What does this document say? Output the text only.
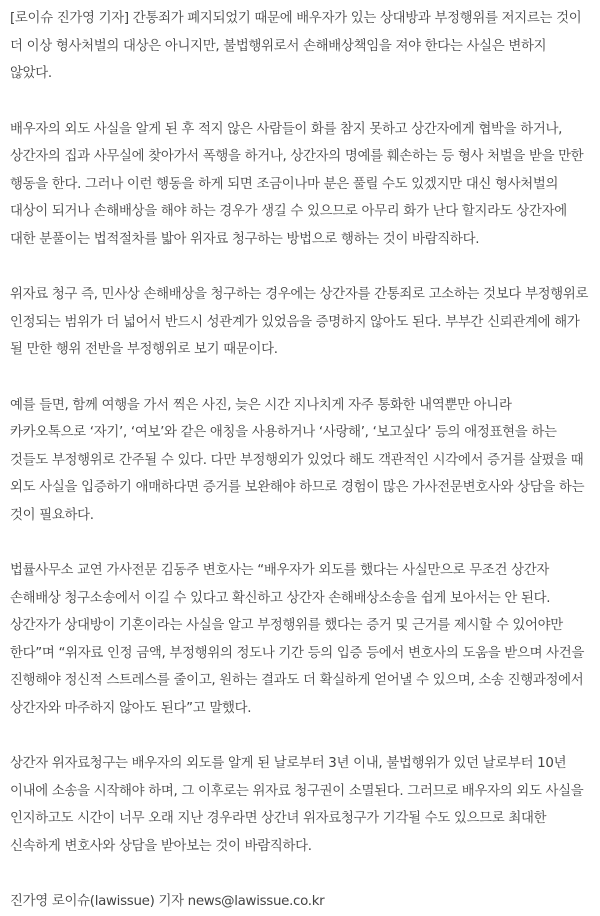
[로이슈 진가영 기자] 간통죄가 폐지되었기 때문에 배우자가 있는 상대방과 부정행위를 저지르는 것이 더 이상 형사처벌의 대상은 아니지만, 불법행위로서 손해배상책임을 져야 한다는 사실은 변하지 않았다.

배우자의 외도 사실을 알게 된 후 적지 않은 사람들이 화를 참지 못하고 상간자에게 협박을 하거나, 상간자의 집과 사무실에 찾아가서 폭행을 하거나, 상간자의 명예를 훼손하는 등 형사 처벌을 받을 만한 행동을 한다. 그러나 이런 행동을 하게 되면 조금이나마 분은 풀릴 수도 있겠지만 대신 형사처벌의 대상이 되거나 손해배상을 해야 하는 경우가 생길 수 있으므로 아무리 화가 난다 할지라도 상간자에 대한 분풀이는 법적절차를 밟아 위자료 청구하는 방법으로 행하는 것이 바람직하다.

위자료 청구 즉, 민사상 손해배상을 청구하는 경우에는 상간자를 간통죄로 고소하는 것보다 부정행위로 인정되는 범위가 더 넓어서 반드시 성관계가 있었음을 증명하지 않아도 된다. 부부간 신뢰관계에 해가 될 만한 행위 전반을 부정행위로 보기 때문이다.

예를 들면, 함께 여행을 가서 찍은 사진, 늦은 시간 지나치게 자주 통화한 내역뿐만 아니라 카카오톡으로 ‘자기’, ‘여보’와 같은 애칭을 사용하거나 ‘사랑해’, ‘보고싶다’ 등의 애정표현을 하는 것들도 부정행위로 간주될 수 있다. 다만 부정행외가 있었다 해도 객관적인 시각에서 증거를 살폈을 때 외도 사실을 입증하기 애매하다면 증거를 보완해야 하므로 경험이 많은 가사전문변호사와 상담을 하는 것이 필요하다.

법률사무소 교연 가사전문 김동주 변호사는 “배우자가 외도를 했다는 사실만으로 무조건 상간자 손해배상 청구소송에서 이길 수 있다고 확신하고 상간자 손해배상소송을 쉽게 보아서는 안 된다. 상간자가 상대방이 기혼이라는 사실을 알고 부정행위를 했다는 증거 및 근거를 제시할 수 있어야만 한다”며 “위자료 인정 금액, 부정행위의 정도나 기간 등의 입증 등에서 변호사의 도움을 받으며 사건을 진행해야 정신적 스트레스를 줄이고, 원하는 결과도 더 확실하게 얻어낼 수 있으며, 소송 진행과정에서 상간자와 마주하지 않아도 된다”고 말했다.

상간자 위자료청구는 배우자의 외도를 알게 된 날로부터 3년 이내, 불법행위가 있던 날로부터 10년 이내에 소송을 시작해야 하며, 그 이후로는 위자료 청구권이 소멸된다. 그러므로 배우자의 외도 사실을 인지하고도 시간이 너무 오래 지난 경우라면 상간녀 위자료청구가 기각될 수도 있으므로 최대한 신속하게 변호사와 상담을 받아보는 것이 바람직하다.

진가영 로이슈(lawissue) 기자 news@lawissue.co.kr
